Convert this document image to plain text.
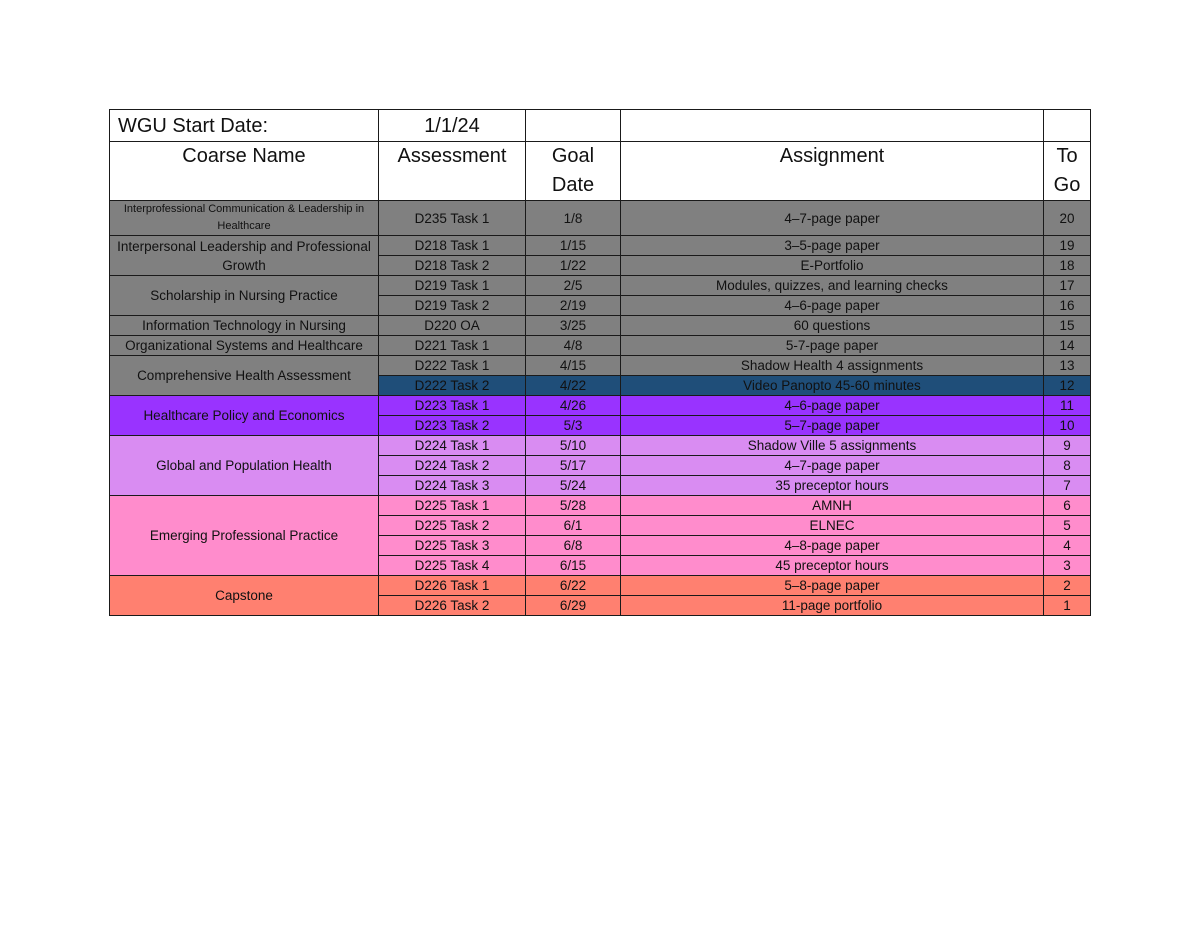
WGU Start Date:	1/1/24			
Coarse Name	Assessment	Goal Date	Assignment	To Go
Interprofessional Communication & Leadership in Healthcare	D235 Task 1	1/8	4–7-page paper	20
Interpersonal Leadership and Professional Growth	D218 Task 1	1/15	3–5-page paper	19
	D218 Task 2	1/22	E-Portfolio	18
Scholarship in Nursing Practice	D219 Task 1	2/5	Modules, quizzes, and learning checks	17
	D219 Task 2	2/19	4–6-page paper	16
Information Technology in Nursing	D220 OA	3/25	60 questions	15
Organizational Systems and Healthcare	D221 Task 1	4/8	5-7-page paper	14
Comprehensive Health Assessment	D222 Task 1	4/15	Shadow Health 4 assignments	13
	D222 Task 2	4/22	Video Panopto 45-60 minutes	12
Healthcare Policy and Economics	D223 Task 1	4/26	4–6-page paper	11
	D223 Task 2	5/3	5–7-page paper	10
Global and Population Health	D224 Task 1	5/10	Shadow Ville 5 assignments	9
	D224 Task 2	5/17	4–7-page paper	8
	D224 Task 3	5/24	35 preceptor hours	7
Emerging Professional Practice	D225 Task 1	5/28	AMNH	6
	D225 Task 2	6/1	ELNEC	5
	D225 Task 3	6/8	4–8-page paper	4
	D225 Task 4	6/15	45 preceptor hours	3
Capstone	D226 Task 1	6/22	5–8-page paper	2
	D226 Task 2	6/29	11-page portfolio	1
